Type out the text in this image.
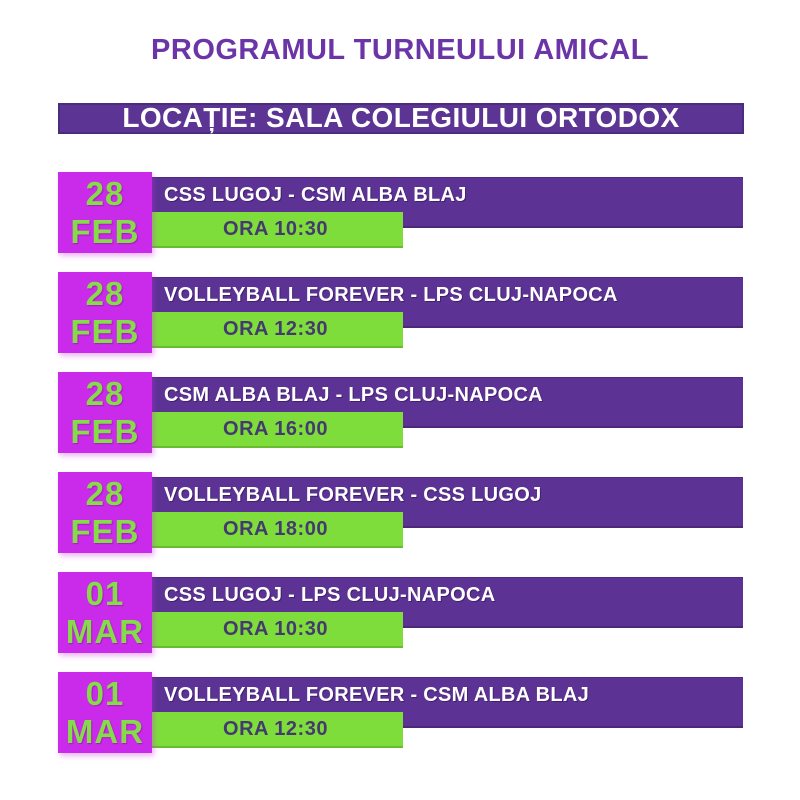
PROGRAMUL TURNEULUI AMICAL
LOCAȚIE: SALA COLEGIULUI ORTODOX
CSS LUGOJ - CSM ALBA BLAJ
ORA 10:30
28
FEB
VOLLEYBALL FOREVER - LPS CLUJ-NAPOCA
ORA 12:30
28
FEB
CSM ALBA BLAJ - LPS CLUJ-NAPOCA
ORA 16:00
28
FEB
VOLLEYBALL FOREVER - CSS LUGOJ
ORA 18:00
28
FEB
CSS LUGOJ - LPS CLUJ-NAPOCA
ORA 10:30
01
MAR
VOLLEYBALL FOREVER - CSM ALBA BLAJ
ORA 12:30
01
MAR
